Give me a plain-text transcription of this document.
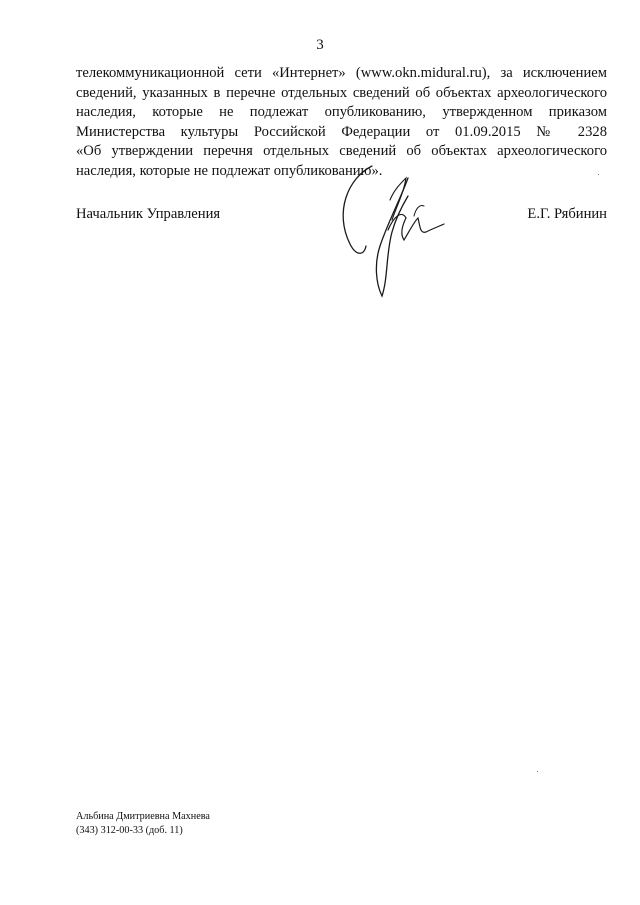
3
телекоммуникационной сети «Интернет» (www.okn.midural.ru), за исключением
сведений, указанных в перечне отдельных сведений об объектах археологического
наследия, которые не подлежат опубликованию, утвержденном приказом
Министерства культуры Российской Федерации от 01.09.2015 № 2328
«Об утверждении перечня отдельных сведений об объектах археологического
наследия, которые не подлежат опубликованию».
Начальник Управления	Е.Г. Рябинин
Альбина Дмитриевна Махнева
(343) 312-00-33 (доб. 11)
